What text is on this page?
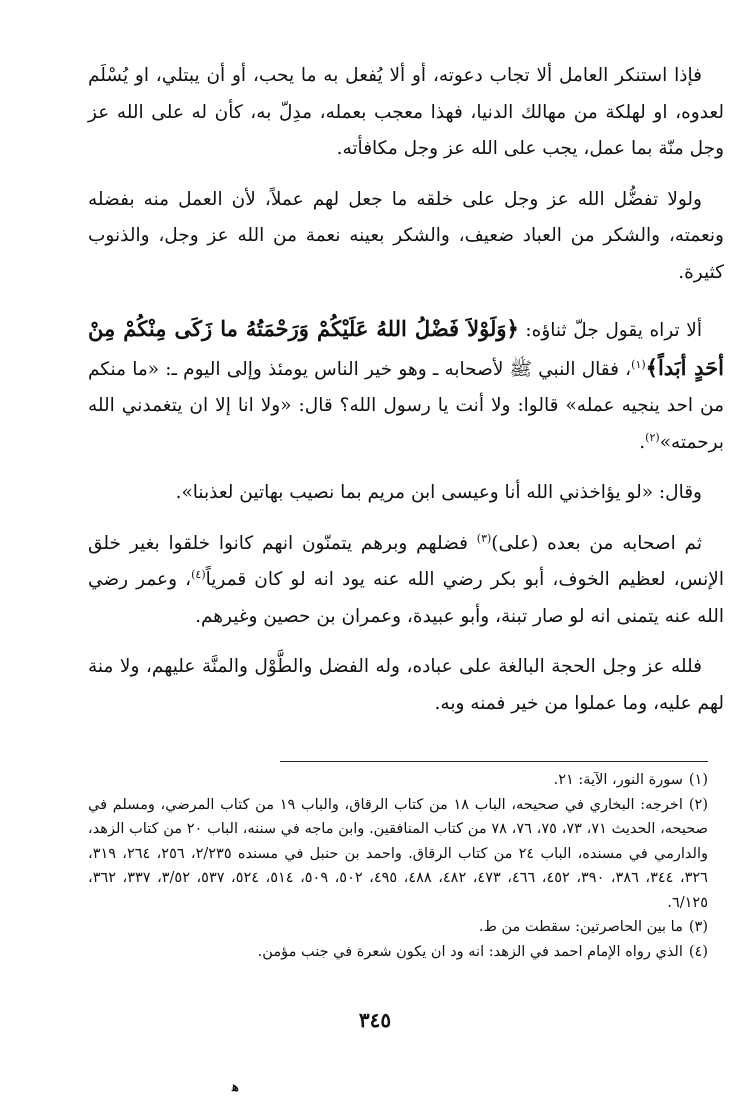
فإذا استنكر العامل ألا تجاب دعوته، أو ألا يُفعل به ما يحب، أو أن يبتلي، او يُسْلَم لعدوه، او لهلكة من مهالك الدنيا، فهذا معجب بعمله، مدِلّ به، كأن له على الله عز وجل منّة بما عمل، يجب على الله عز وجل مكافأته.

ولولا تفضُّل الله عز وجل على خلقه ما جعل لهم عملاً، لأن العمل منه بفضله ونعمته، والشكر من العباد ضعيف، والشكر بعينه نعمة من الله عز وجل، والذنوب كثيرة.

ألا تراه يقول جلّ ثناؤه: ﴿وَلَوْلاَ فَضْلُ اللهُ عَلَيْكُمْ وَرَحْمَتُهُ ما زَكَى مِنْكُمْ مِنْ أحَدٍ أبَداً﴾$^{(١)}$، فقال النبي ﷺ لأصحابه ـ وهو خير الناس يومئذ وإلى اليوم ـ: «ما منكم من احد ينجيه عمله» قالوا: ولا أنت يا رسول الله؟ قال: «ولا انا إلا ان يتغمدني الله برحمته»$^{(٢)}$.

وقال: «لو يؤاخذني الله أنا وعيسى ابن مريم بما نصيب بهاتين لعذبنا».

ثم اصحابه من بعده (على)$^{(٣)}$ فضلهم وبرهم يتمنّون انهم كانوا خلقوا بغير خلق الإنس، لعظيم الخوف، أبو بكر رضي الله عنه يود انه لو كان قمرياً$^{(٤)}$، وعمر رضي الله عنه يتمنى انه لو صار تبنة، وأبو عبيدة، وعمران بن حصين وغيرهم.

فلله عز وجل الحجة البالغة على عباده، وله الفضل والطَّوْل والمنَّة عليهم، ولا منة لهم عليه، وما عملوا من خير فمنه وبه.

(١)سورة النور، الآية: ٢١.

(٢)اخرجه: البخاري في صحيحه، الباب ١٨ من كتاب الرقاق، والباب ١٩ من كتاب المرضي، ومسلم في صحيحه، الحديث ٧١، ٧٣، ٧٥، ٧٦، ٧٨ من كتاب المنافقين. وابن ماجه في سننه، الباب ٢٠ من كتاب الزهد، والدارمي في مسنده، الباب ٢٤ من كتاب الرقاق. واحمد بن حنبل في مسنده ٢/٢٣٥، ٢٥٦، ٢٦٤، ٣١٩، ٣٢٦، ٣٤٤، ٣٨٦، ٣٩٠، ٤٥٢، ٤٦٦، ٤٧٣، ٤٨٢، ٤٨٨، ٤٩٥، ٥٠٢، ٥٠٩، ٥١٤، ٥٢٤، ٥٣٧، ٣/٥٢، ٣٣٧، ٣٦٢، ٦/١٢٥.

(٣)ما بين الحاصرتين: سقطت من ط.

(٤)الذي رواه الإمام احمد في الزهد: انه ود ان يكون شعرة في جنب مؤمن.

٣٤٥
ﻫ
